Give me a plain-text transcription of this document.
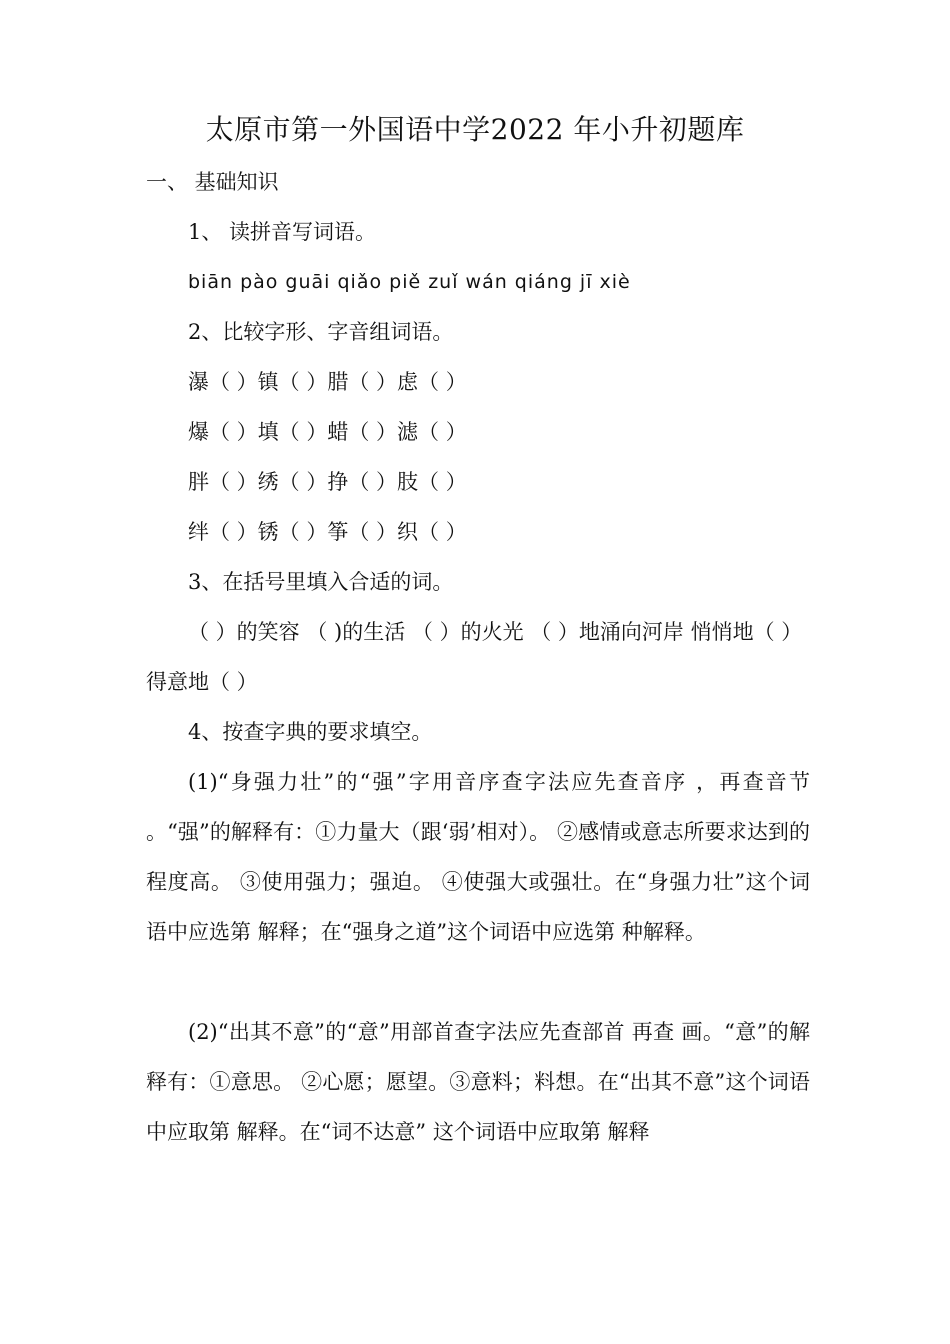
太原市第一外国语中学2022 年小升初题库
一、 基础知识
1、 读拼音写词语。
biān pào guāi qiǎo piě zuǐ wán qiáng jī xiè
2、比较字形、字音组词语。
瀑（ ）镇（ ）腊（ ）虑（ ）
爆（ ）填（ ）蜡（ ）滤（ ）
胖（ ）绣（ ）挣（ ）肢（ ）
绊（ ）锈（ ）筝（ ）织（ ）
3、在括号里填入合适的词。
（ ）的笑容 （ )的生活 （ ）的火光 （ ）地涌向河岸 悄悄地（ ）
得意地（ ）
4、按查字典的要求填空。
(1)“身强力壮”的“强”字用音序查字法应先查音序 ，再查音节 。“强”的解释有：①力量大（跟‘弱’相对）。 ②感情或意志所要求达到的程度高。 ③使用强力；强迫。 ④使强大或强壮。在“身强力壮”这个词语中应选第 解释；在“强身之道”这个词语中应选第 种解释。
(2)“出其不意”的“意”用部首查字法应先查部首 再查 画。“意”的解释有：①意思。 ②心愿；愿望。③意料；料想。在“出其不意”这个词语中应取第 解释。在“词不达意” 这个词语中应取第 解释
